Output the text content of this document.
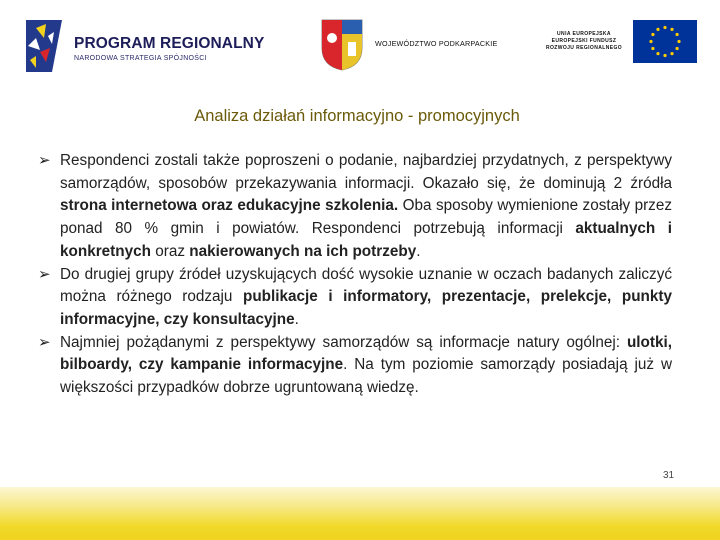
PROGRAM REGIONALNY
NARODOWA STRATEGIA SPÓJNOŚCI
WOJEWÓDZTWO PODKARPACKIE
UNIA EUROPEJSKA
EUROPEJSKI FUNDUSZ
ROZWOJU REGIONALNEGO
Analiza działań informacyjno - promocyjnych
➢ Respondenci zostali także poproszeni o podanie, najbardziej przydatnych, z perspektywy samorządów, sposobów przekazywania informacji. Okazało się, że dominują 2 źródła strona internetowa oraz edukacyjne szkolenia. Oba sposoby wymienione zostały przez ponad 80 % gmin i powiatów. Respondenci potrzebują informacji aktualnych i konkretnych oraz nakierowanych na ich potrzeby.
➢ Do drugiej grupy źródeł uzyskujących dość wysokie uznanie w oczach badanych zaliczyć można różnego rodzaju publikacje i informatory, prezentacje, prelekcje, punkty informacyjne, czy konsultacyjne.
➢ Najmniej pożądanymi z perspektywy samorządów są informacje natury ogólnej: ulotki, bilboardy, czy kampanie informacyjne. Na tym poziomie samorządy posiadają już w większości przypadków dobrze ugruntowaną wiedzę.
31
